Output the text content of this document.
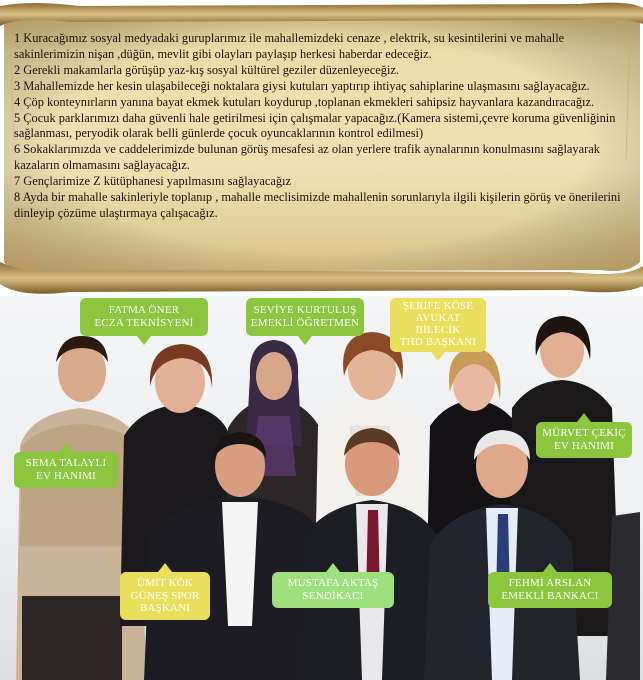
1 Kuracağımız sosyal medyadaki guruplarımız ile mahallemizdeki cenaze , elektrik, su kesintilerini ve mahalle sakinlerimizin nişan ,düğün, mevlit gibi olayları paylaşıp herkesi haberdar edeceğiz.
2 Gerekli makamlarla görüşüp yaz-kış sosyal kültürel geziler düzenleyeceğiz.
3 Mahallemizde her kesin ulaşabileceği noktalara giysi kutuları yaptırıp ihtiyaç sahiplarine ulaşmasını sağlayacağız.
4 Çöp konteynırların yanına bayat ekmek kutuları koydurup ,toplanan ekmekleri sahipsiz hayvanlara kazandıracağız.
5 Çocuk parklarımızı daha güvenli hale getirilmesi için çalışmalar yapacağız.(Kamera sistemi,çevre koruma güvenliğinin sağlanması, peryodik olarak belli günlerde çocuk oyuncaklarının kontrol edilmesi)
6 Sokaklarımızda ve caddelerimizde bulunan görüş mesafesi az olan yerlere trafik aynalarının konulmasını sağlayarak kazaların olmamasını sağlayacağız.
7 Gençlarimize Z kütüphanesi yapılmasını sağlayacağız
8 Ayda bir mahalle sakinleriyle toplanıp , mahalle meclisimizde mahallenin sorunlarıyla ilgili kişilerin görüş ve önerilerini dinleyip çözüme ulaştırmaya çalışacağız.
FATMA ÖNER
ECZA TEKNİSYENİ
SEVİYE KURTULUŞ
EMEKLİ ÖĞRETMEN
ŞERİFE KÖSE
AVUKAT
BİLECİK
THD BAŞKANI
MÜRVET ÇEKİÇ
EV HANIMI
SEMA TALAYLI
EV HANIMI
ÜMİT KÖK
GÜNEŞ SPOR
BAŞKANI
MUSTAFA AKTAŞ
SENDİKACI
FEHMİ ARSLAN
EMEKLİ BANKACI
